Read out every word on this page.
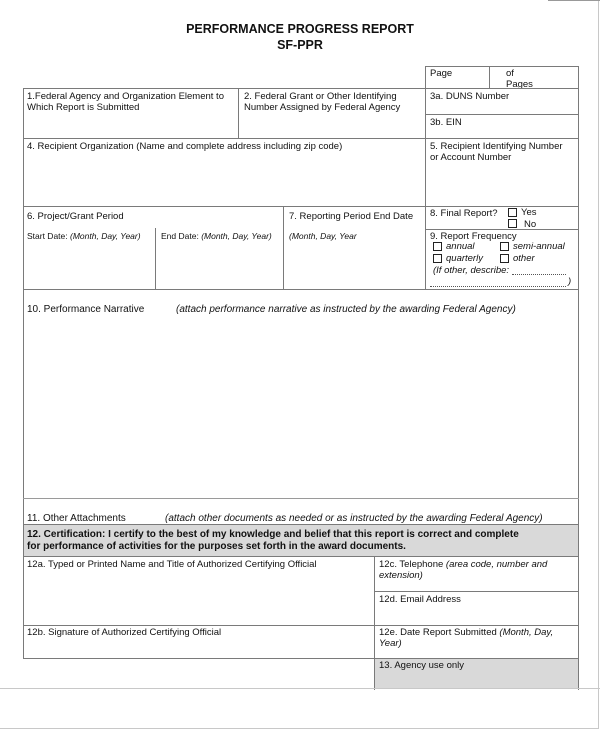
PERFORMANCE PROGRESS REPORT
SF-PPR
Page	of
Pages
1.Federal Agency and Organization Element to
Which Report is Submitted
2. Federal Grant or Other Identifying
Number Assigned by Federal Agency
3a. DUNS Number
3b. EIN
4. Recipient Organization (Name and complete address including zip code)	5. Recipient Identifying Number
or Account Number
6. Project/Grant Period
Start Date: (Month, Day, Year) End Date: (Month, Day, Year)
7. Reporting Period End Date
(Month, Day, Year
8. Final Report? Yes
No
9. Report Frequency
annual	semi-annual
quarterly	other
(If other, describe:
)
10. Performance Narrative	(attach performance narrative as instructed by the awarding Federal Agency)
11. Other Attachments	(attach other documents as needed or as instructed by the awarding Federal Agency)
12. Certification: I certify to the best of my knowledge and belief that this report is correct and complete
for performance of activities for the purposes set forth in the award documents.
12a. Typed or Printed Name and Title of Authorized Certifying Official	12c. Telephone (area code, number and
extension)
12d. Email Address
12b. Signature of Authorized Certifying Official	12e. Date Report Submitted (Month, Day,
Year)
13. Agency use only
